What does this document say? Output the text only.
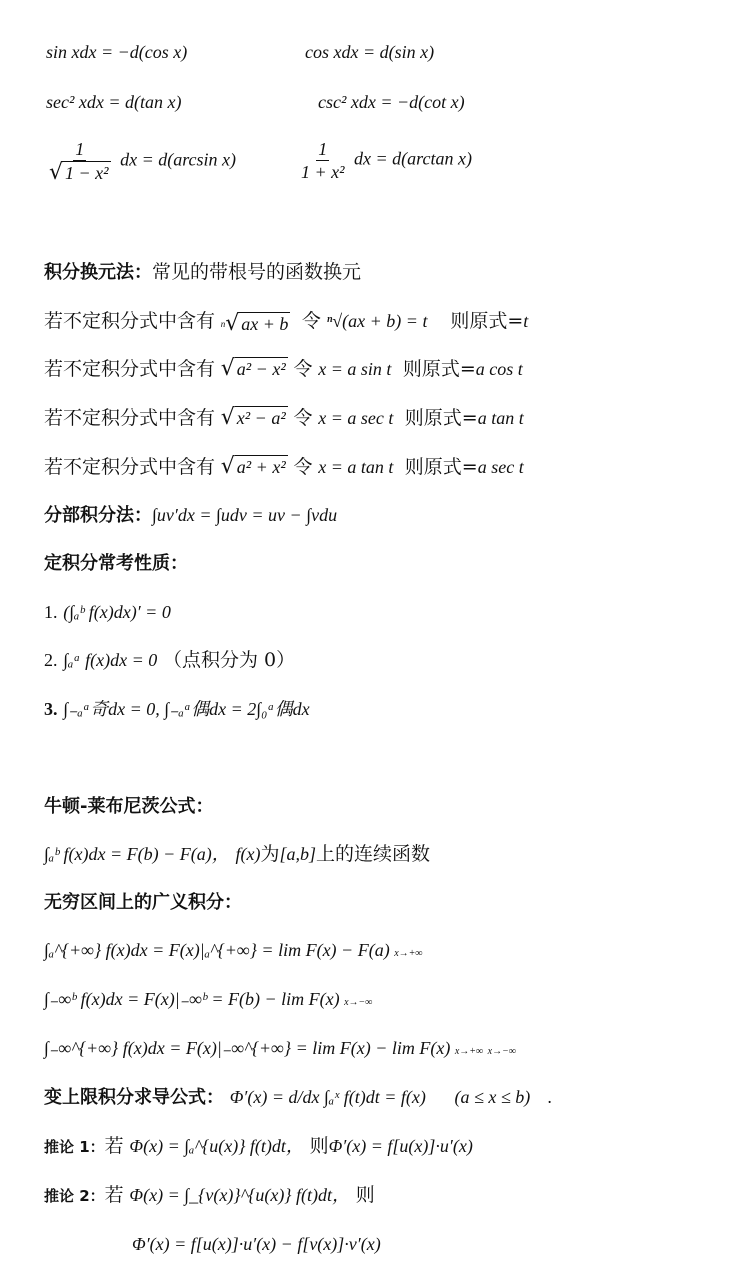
sin xdx = −d(cos x)	cos xdx = d(sin x)
sec² xdx = d(tan x)	csc² xdx = −d(cot x)
$\frac{1}{\text{√ 1 − x²}}$ dx = d(arcsin x)	$\frac{1}{\text{1 + x²}}$ dx = d(arctan x)
积分换元法：常见的带根号的函数换元
若不定积分式中含有 n √ ax + b 令 ⁿ√(ax + b) = t 则原式=t
若不定积分式中含有 √ a² − x² 令 x = a sin t 则原式=a cos t
若不定积分式中含有 √ x² − a² 令 x = a sec t 则原式=a tan t
若不定积分式中含有 √ a² + x² 令 x = a tan t 则原式=a sec t
分部积分法：∫uv′dx = ∫udv = uv − ∫vdu
定积分常考性质：
1. (∫ₐᵇ f(x)dx)′ = 0
2. ∫ₐᵃ f(x)dx = 0 （点积分为 0）
3. ∫₋ₐᵃ奇dx = 0, ∫₋ₐᵃ偶dx = 2∫₀ᵃ偶dx
牛顿-莱布尼茨公式：
∫ₐᵇ f(x)dx = F(b) − F(a)， f(x)为[a,b]上的连续函数
无穷区间上的广义积分：
∫ₐ^{+∞} f(x)dx = F(x)|ₐ^{+∞} = lim F(x) − F(a) x→+∞
∫₋∞ᵇ f(x)dx = F(x)|₋∞ᵇ = F(b) − lim F(x) x→−∞
∫₋∞^{+∞} f(x)dx = F(x)|₋∞^{+∞} = lim F(x) − lim F(x) x→+∞ x→−∞
变上限积分求导公式： Φ′(x) = d/dx ∫ₐˣ f(t)dt = f(x) (a ≤ x ≤ b) .
推论 1：若 Φ(x) = ∫ₐ^{u(x)} f(t)dt， 则Φ′(x) = f[u(x)]·u′(x)
推论 2：若 Φ(x) = ∫_{v(x)}^{u(x)} f(t)dt， 则
Φ′(x) = f[u(x)]·u′(x) − f[v(x)]·v′(x)
